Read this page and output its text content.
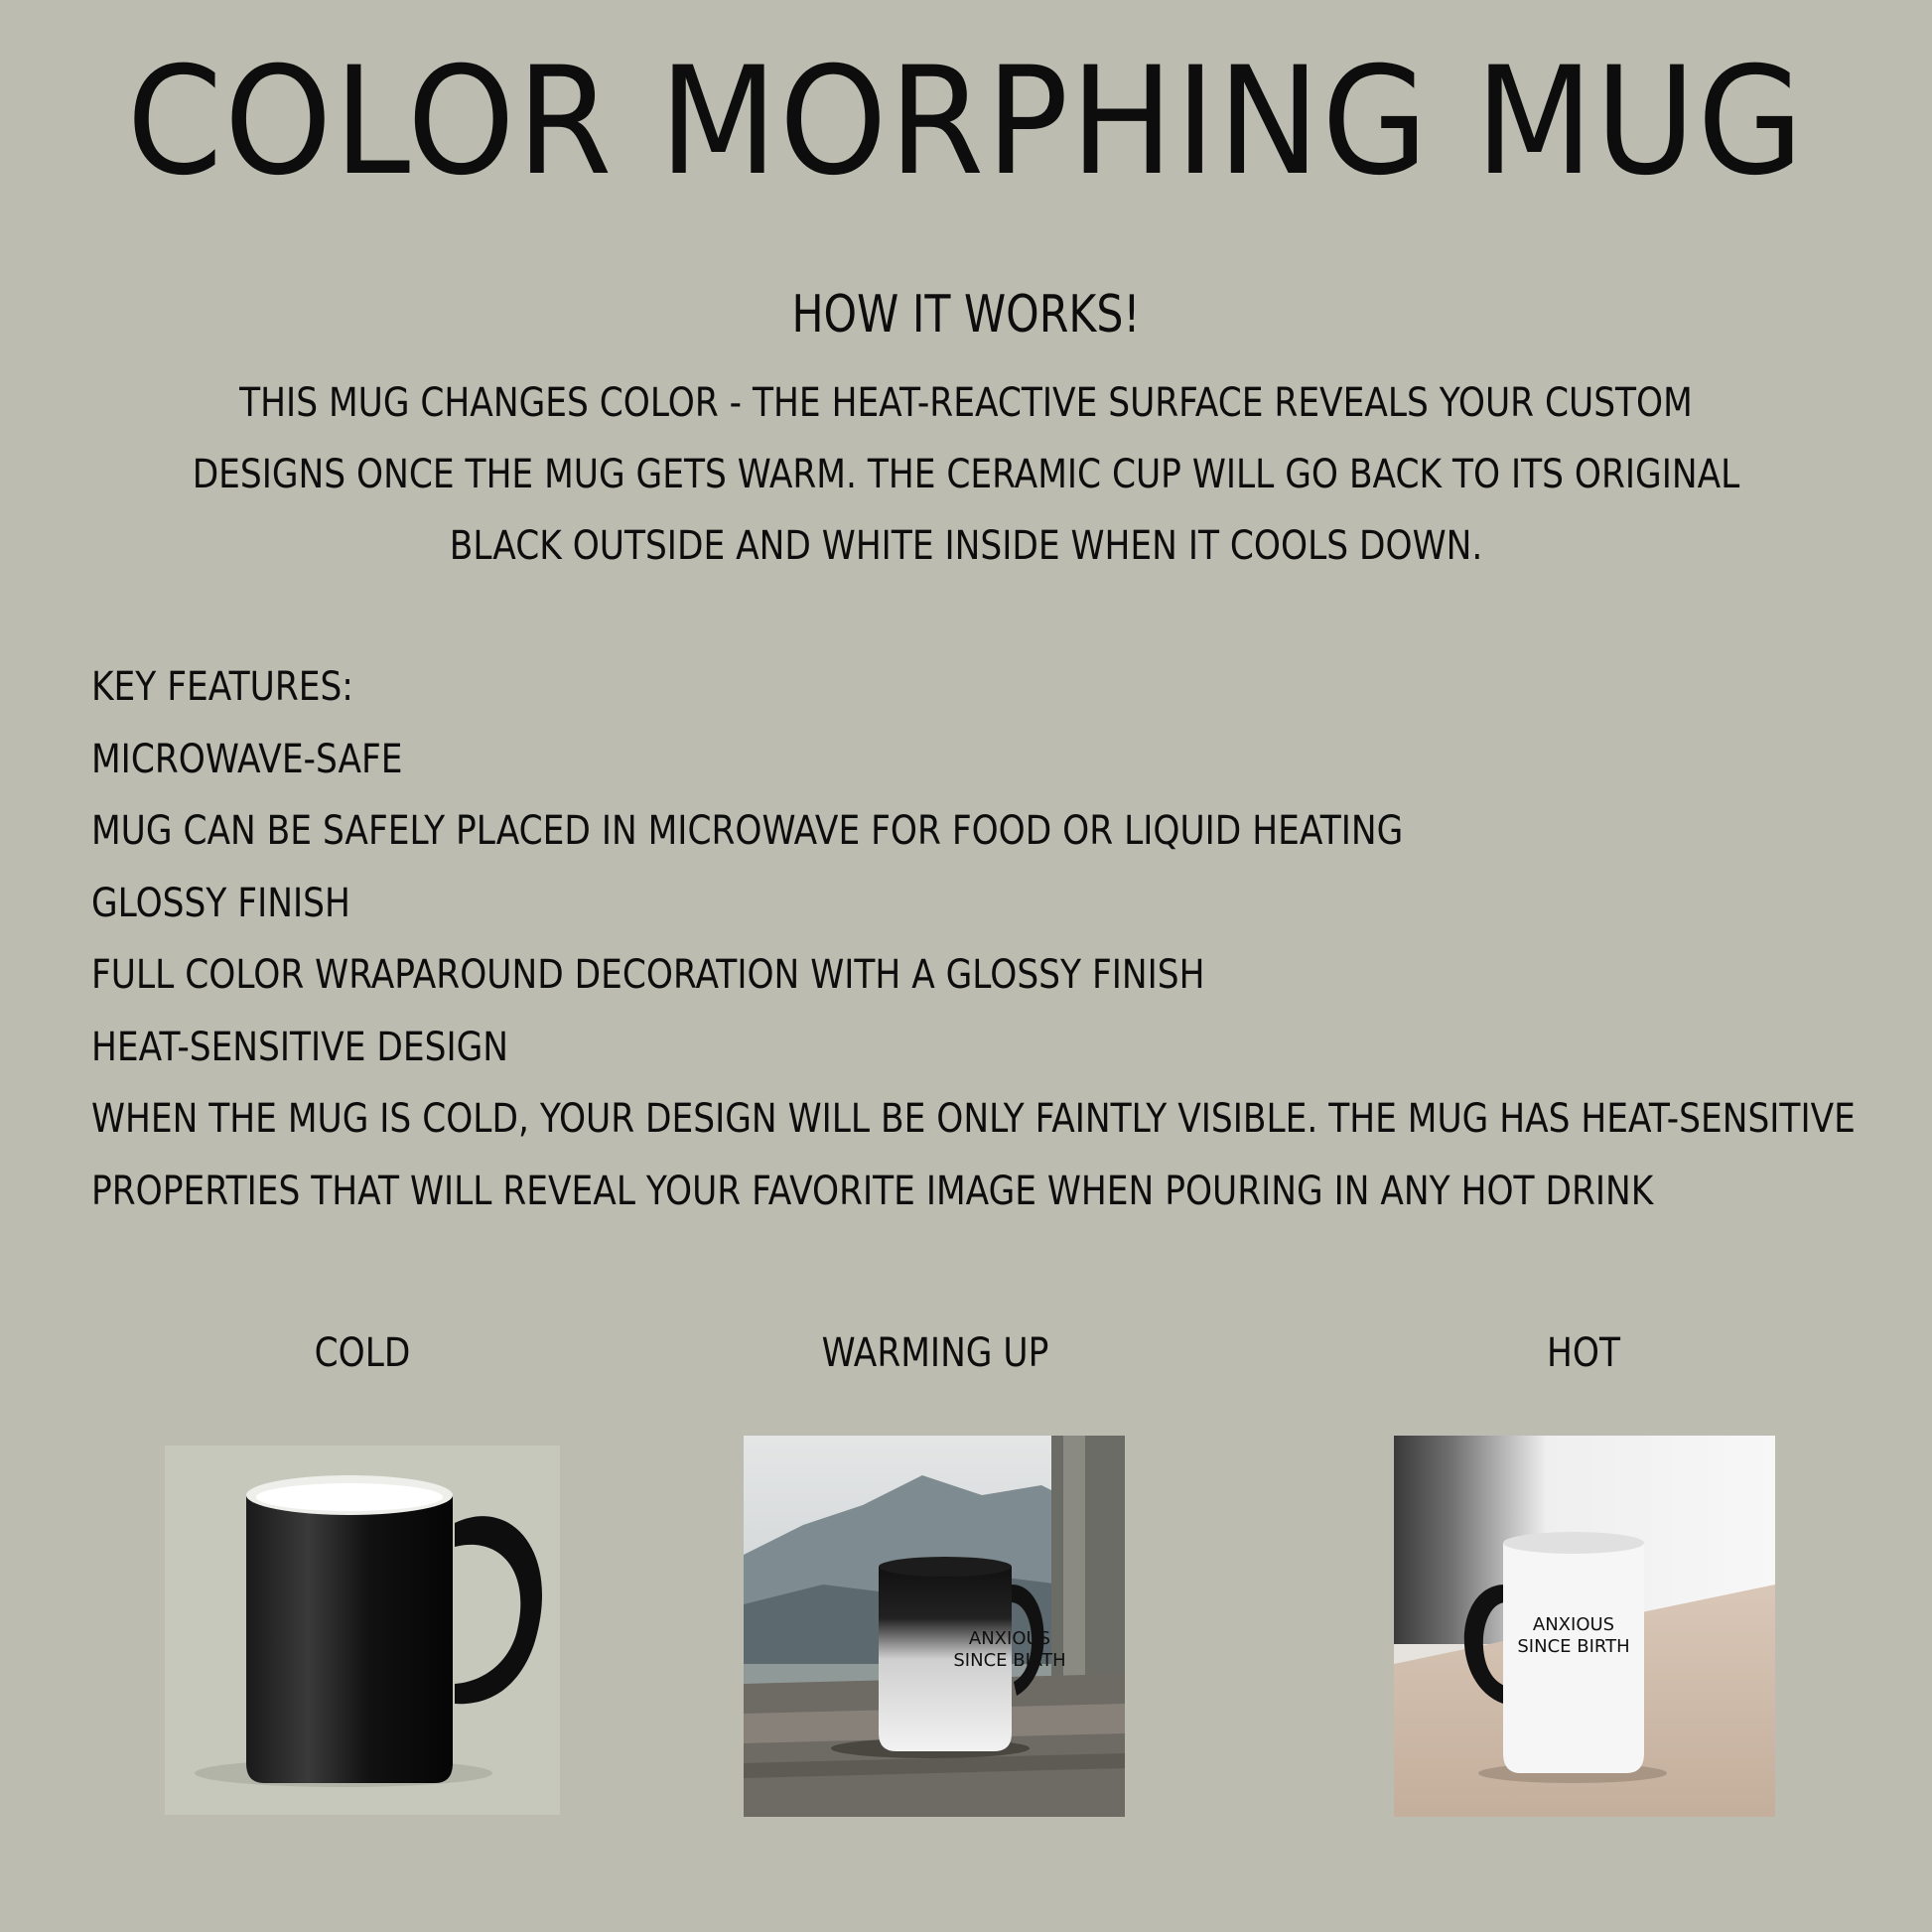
COLOR MORPHING MUG
HOW IT WORKS!
THIS MUG CHANGES COLOR - THE HEAT-REACTIVE SURFACE REVEALS YOUR CUSTOM DESIGNS ONCE THE MUG GETS WARM. THE CERAMIC CUP WILL GO BACK TO ITS ORIGINAL BLACK OUTSIDE AND WHITE INSIDE WHEN IT COOLS DOWN.
KEY FEATURES:
MICROWAVE-SAFE
MUG CAN BE SAFELY PLACED IN MICROWAVE FOR FOOD OR LIQUID HEATING
GLOSSY FINISH
FULL COLOR WRAPAROUND DECORATION WITH A GLOSSY FINISH
HEAT-SENSITIVE DESIGN
WHEN THE MUG IS COLD, YOUR DESIGN WILL BE ONLY FAINTLY VISIBLE. THE MUG HAS HEAT-SENSITIVE
PROPERTIES THAT WILL REVEAL YOUR FAVORITE IMAGE WHEN POURING IN ANY HOT DRINK
COLD	WARMING UP	HOT
ANXIOUS
SINCE BIRTH
ANXIOUS
SINCE BIRTH
